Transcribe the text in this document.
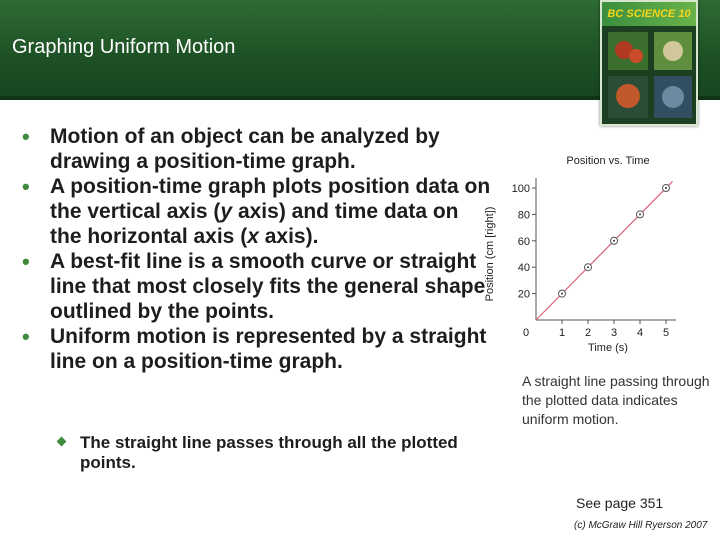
Graphing Uniform Motion
BC SCIENCE 10
• Motion of an object can be analyzed by drawing a position-time graph.
• A position-time graph plots position data on the vertical axis (y axis) and time data on the horizontal axis (x axis).
• A best-fit line is a smooth curve or straight line that most closely fits the general shape outlined by the points.
• Uniform motion is represented by a straight line on a position-time graph.
The straight line passes through all the plotted points.
Position vs. Time
0	1 2 3 4 5
20
40
60
80
100
Time (s)
Position (cm [right])
A straight line passing through the plotted data indicates uniform motion.
See page 351
(c) McGraw Hill Ryerson 2007
